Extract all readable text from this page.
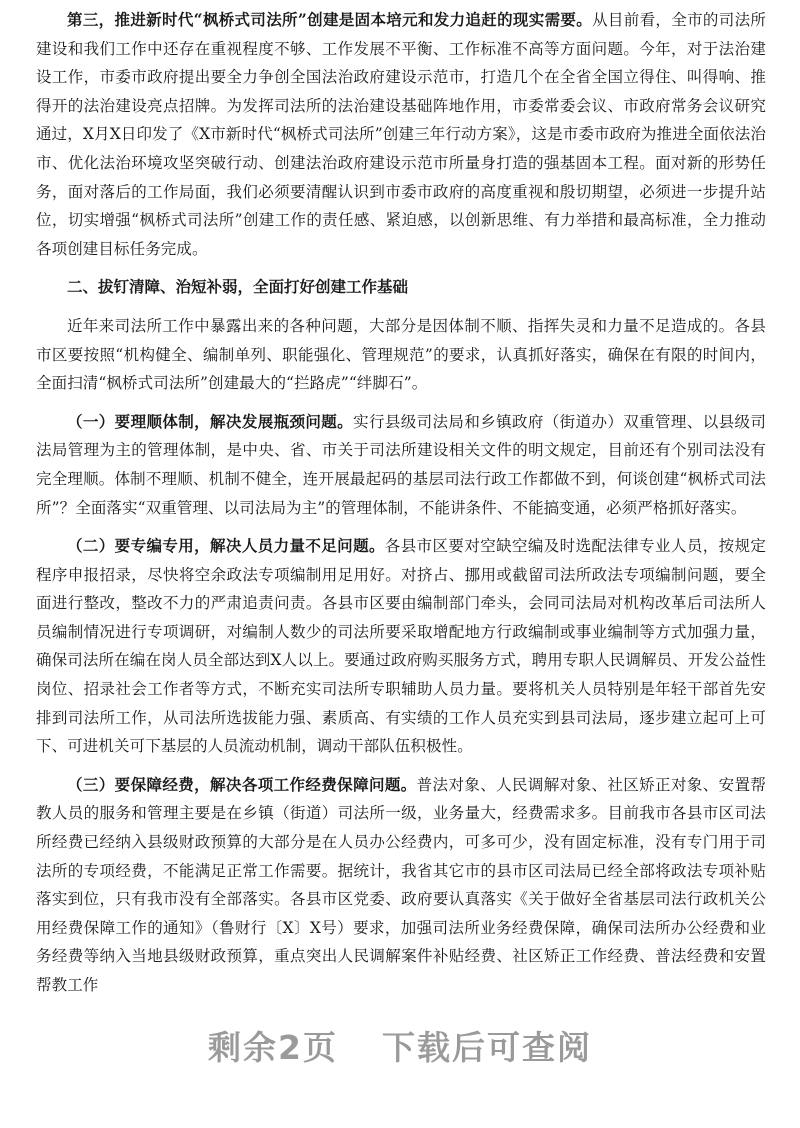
第三，推进新时代“枫桥式司法所”创建是固本培元和发力追赶的现实需要。从目前看，全市的司法所建设和我们工作中还存在重视程度不够、工作发展不平衡、工作标准不高等方面问题。今年，对于法治建设工作，市委市政府提出要全力争创全国法治政府建设示范市，打造几个在全省全国立得住、叫得响、推得开的法治建设亮点招牌。为发挥司法所的法治建设基础阵地作用，市委常委会议、市政府常务会议研究通过，X月X日印发了《X市新时代“枫桥式司法所”创建三年行动方案》，这是市委市政府为推进全面依法治市、优化法治环境攻坚突破行动、创建法治政府建设示范市所量身打造的强基固本工程。面对新的形势任务，面对落后的工作局面，我们必须要清醒认识到市委市政府的高度重视和殷切期望，必须进一步提升站位，切实增强“枫桥式司法所”创建工作的责任感、紧迫感，以创新思维、有力举措和最高标准，全力推动各项创建目标任务完成。

二、拔钉清障、治短补弱，全面打好创建工作基础

近年来司法所工作中暴露出来的各种问题，大部分是因体制不顺、指挥失灵和力量不足造成的。各县市区要按照“机构健全、编制单列、职能强化、管理规范”的要求，认真抓好落实，确保在有限的时间内，全面扫清“枫桥式司法所”创建最大的“拦路虎”“绊脚石”。

（一）要理顺体制，解决发展瓶颈问题。实行县级司法局和乡镇政府（街道办）双重管理、以县级司法局管理为主的管理体制，是中央、省、市关于司法所建设相关文件的明文规定，目前还有个别司法没有完全理顺。体制不理顺、机制不健全，连开展最起码的基层司法行政工作都做不到，何谈创建“枫桥式司法所”？全面落实“双重管理、以司法局为主”的管理体制，不能讲条件、不能搞变通，必须严格抓好落实。

（二）要专编专用，解决人员力量不足问题。各县市区要对空缺空编及时选配法律专业人员，按规定程序申报招录，尽快将空余政法专项编制用足用好。对挤占、挪用或截留司法所政法专项编制问题，要全面进行整改，整改不力的严肃追责问责。各县市区要由编制部门牵头，会同司法局对机构改革后司法所人员编制情况进行专项调研，对编制人数少的司法所要采取增配地方行政编制或事业编制等方式加强力量，确保司法所在编在岗人员全部达到X人以上。要通过政府购买服务方式，聘用专职人民调解员、开发公益性岗位、招录社会工作者等方式，不断充实司法所专职辅助人员力量。要将机关人员特别是年轻干部首先安排到司法所工作，从司法所选拔能力强、素质高、有实绩的工作人员充实到县司法局，逐步建立起可上可下、可进机关可下基层的人员流动机制，调动干部队伍积极性。

（三）要保障经费，解决各项工作经费保障问题。普法对象、人民调解对象、社区矫正对象、安置帮教人员的服务和管理主要是在乡镇（街道）司法所一级，业务量大，经费需求多。目前我市各县市区司法所经费已经纳入县级财政预算的大部分是在人员办公经费内，可多可少，没有固定标准，没有专门用于司法所的专项经费，不能满足正常工作需要。据统计，我省其它市的县市区司法局已经全部将政法专项补贴落实到位，只有我市没有全部落实。各县市区党委、政府要认真落实《关于做好全省基层司法行政机关公用经费保障工作的通知》（鲁财行〔X〕X号）要求，加强司法所业务经费保障，确保司法所办公经费和业务经费等纳入当地县级财政预算，重点突出人民调解案件补贴经费、社区矫正工作经费、普法经费和安置帮教工作

剩余2页 下载后可查阅
